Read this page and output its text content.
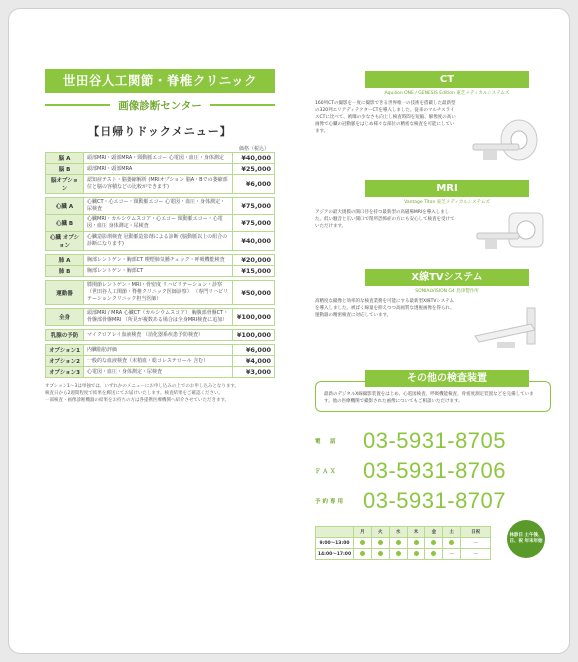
世田谷人工関節・脊椎クリニック
画像診断センター
【日帰りドックメニュー】
価格（税込）
脳 A	頭部MRI・頭部MRA・頸動脈エコー 心電図・血圧・身体測定	¥40,000
脳 B	頭部MRI・頭部MRA	¥25,000
脳オプション	認知症テスト・脳萎縮解析 (MRIオプション 脳A・Bでの萎縮部位と脳の容積などの比較ができます)	¥6,000

心臓 A	心臓CT・心エコー・頸動脈エコー 心電図・血圧・身体測定・尿検査	¥75,000
心臓 B	心臓MRI・カルシウムスコア・心エコー 頸動脈エコー・心電図・血圧 身体測定・尿検査	¥75,000
心臓 オプション	心臓造影剤検査 冠動脈造影剤による診断 (脳動脈以上の組合の診断になります)	¥40,000

肺 A	胸部レントゲン・胸部CT 喫煙肺気腫チェック・呼吸機能検査	¥20,000
肺 B	胸部レントゲン・胸部CT	¥15,000

運動器	膝関節レントゲン・MRI・骨密度 リハビリテーション・診察 （世田谷人工関節・脊椎クリニック医師診察） （専門リハビリテーションクリニック担当医師）	¥50,000

全身	頭部MRI / MRA 心臓CT（カルシウムスコア） 胸腹部骨盤CT・骨盤部骨盤MRI （所見が複数ある場合は全身MRI検査に追加）	¥100,000

乳腺の予防	マイクロアレイ血液検査 （消化器系疾患予防検査）	¥100,000

オプション1	内臓脂肪評価	¥6,000
オプション2	一般的な血液検査（末梢血・総コレステロール 含む）	¥4,000
オプション3	心電図・血圧・身体測定・尿検査	¥3,000
オプション1～3は単独では、いずれかのメニューにお申し込みの上でのお申し込みとなります。
検査日から2週間程度で結果を郵送にてお届けいたします。検査結果をご確認ください。
一部検査・画像診断機器の結果をお持ちの方は各提携医療機関へ紹介させていただきます。
CT
Aquilion ONE / GENESIS Edition 東芝メディカルシステムズ
160列CTの撮影を一度に撮影できる世界唯一の技術を搭載した最新型の320列エリアディテクターCTを導入しました。従来のマルチスライスCTに比べて、被曝の少なさも向上し検査時間を短縮、解像度の高い画像で心臓の冠動脈をはじめ様々な部位の精密な検査を可能にしています。
MRI
Vantage Titan 東芝メディカルシステムズ
アジアの最大規模の開口径を持つ最新型の高磁場MRIを導入しました。低い騒音と広い開口で閉所恐怖症の方にも安心して検査を受けていただけます。
X線TVシステム
SONIALVISION G4 島津製作所
高精度な撮像と効率的な検査業務を可能にする最新型X線TVシステムを導入しました。被ばく線量を抑えつつ高画質な透視画像を得られ、運動器の精密検査に対応しています。
その他の検査装置
最新のデジタルX線撮影装置をはじめ、心電図検査、呼吸機能検査、骨密度測定装置などを完備しています。他の医療機関で撮影された画像についてもご相談いただけます。
電　話	03-5931-8705
ＦＡＸ	03-5931-8706
予約専用 03-5931-8707
	月	火	水	木	金	土	日祝
9:00～13:00							―
14:00～17:00						―	―
休診日 土午後、日、祝 年末年始
